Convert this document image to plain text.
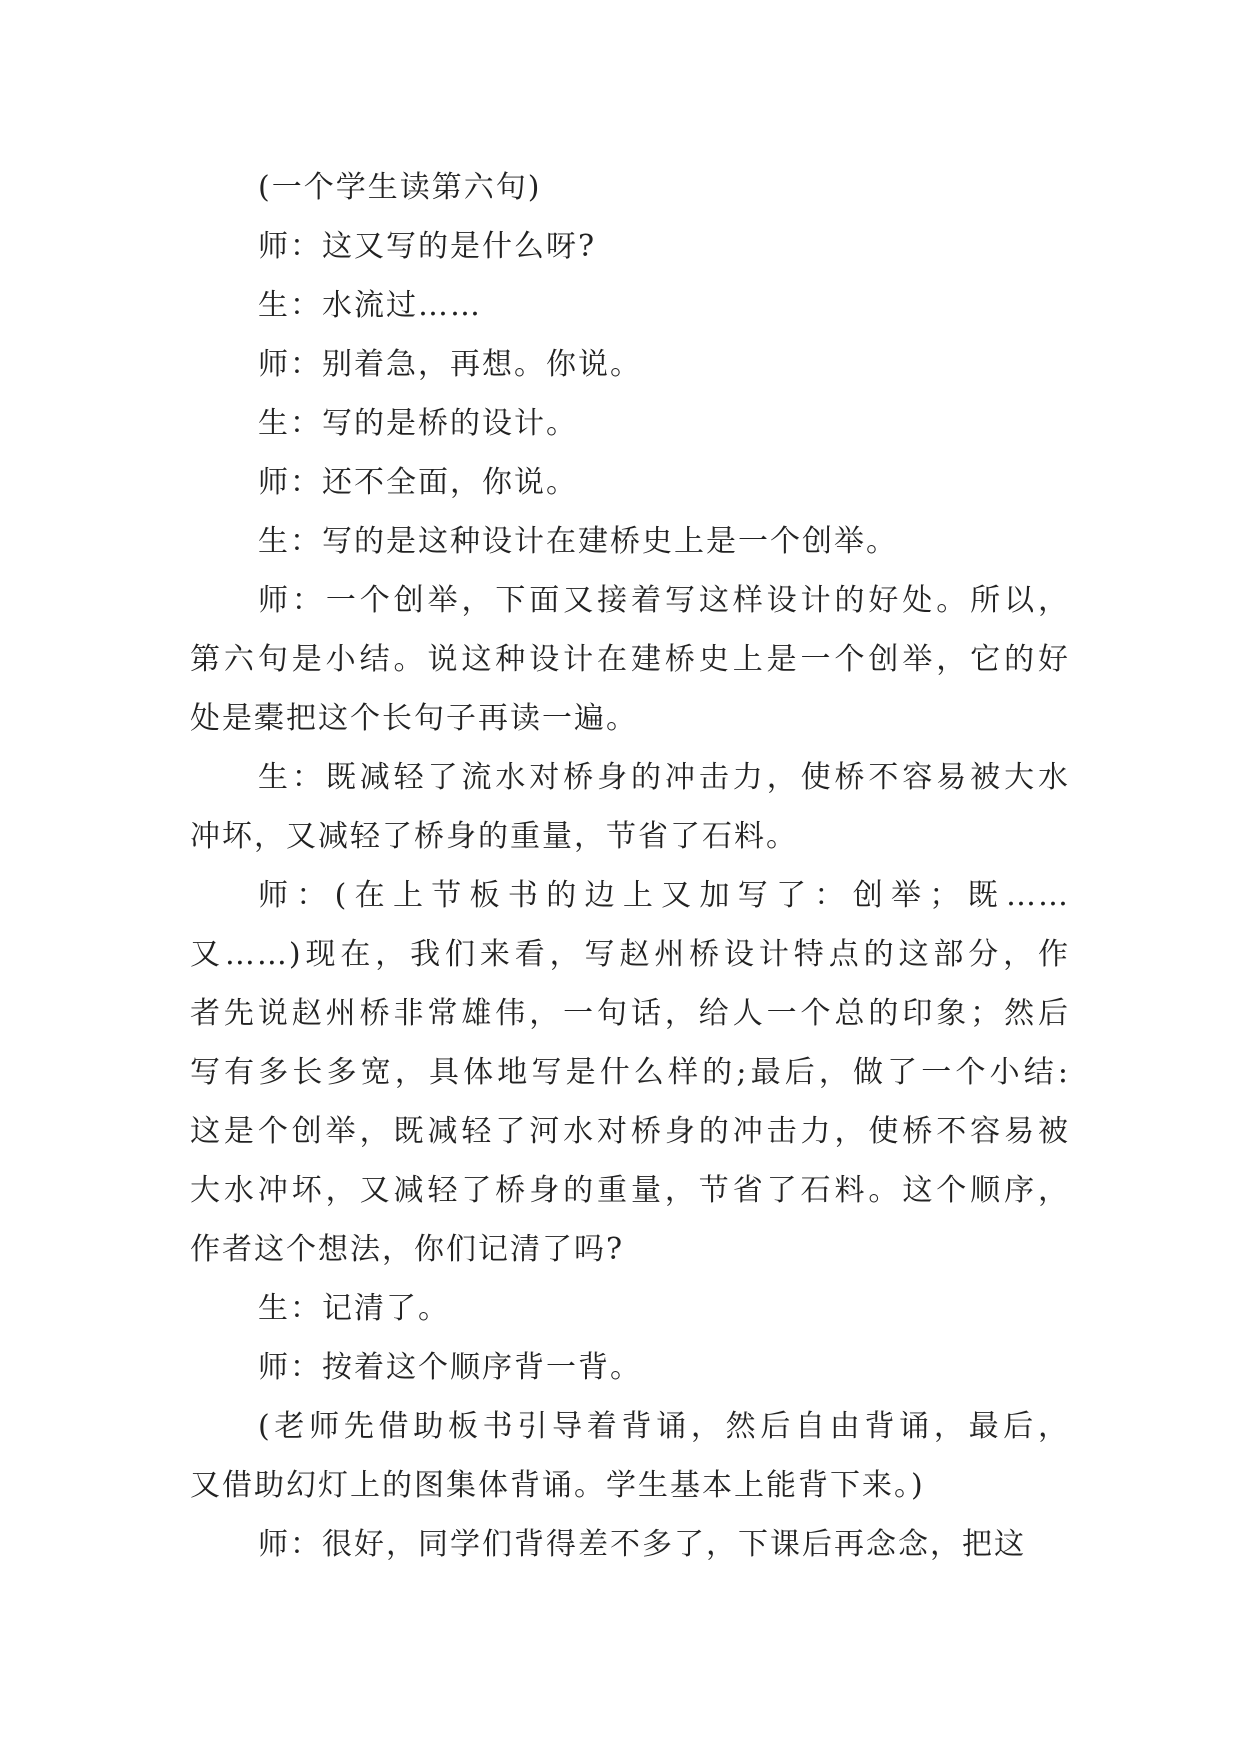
(一个学生读第六句)
师：这又写的是什么呀?
生：水流过……
师：别着急，再想。你说。
生：写的是桥的设计。
师：还不全面，你说。
生：写的是这种设计在建桥史上是一个创举。
师：一个创举，下面又接着写这样设计的好处。所以，
第六句是小结。说这种设计在建桥史上是一个创举，它的好
处是橐把这个长句子再读一遍。
生：既减轻了流水对桥身的冲击力，使桥不容易被大水
冲坏，又减轻了桥身的重量，节省了石料。
师：(在上节板书的边上又加写了：创举；既……
又……)现在，我们来看，写赵州桥设计特点的这部分，作
者先说赵州桥非常雄伟，一句话，给人一个总的印象；然后
写有多长多宽，具体地写是什么样的;最后，做了一个小结:
这是个创举，既减轻了河水对桥身的冲击力，使桥不容易被
大水冲坏，又减轻了桥身的重量，节省了石料。这个顺序，
作者这个想法，你们记清了吗?
生：记清了。
师：按着这个顺序背一背。
(老师先借助板书引导着背诵，然后自由背诵，最后，
又借助幻灯上的图集体背诵。学生基本上能背下来。)
师：很好，同学们背得差不多了，下课后再念念，把这
